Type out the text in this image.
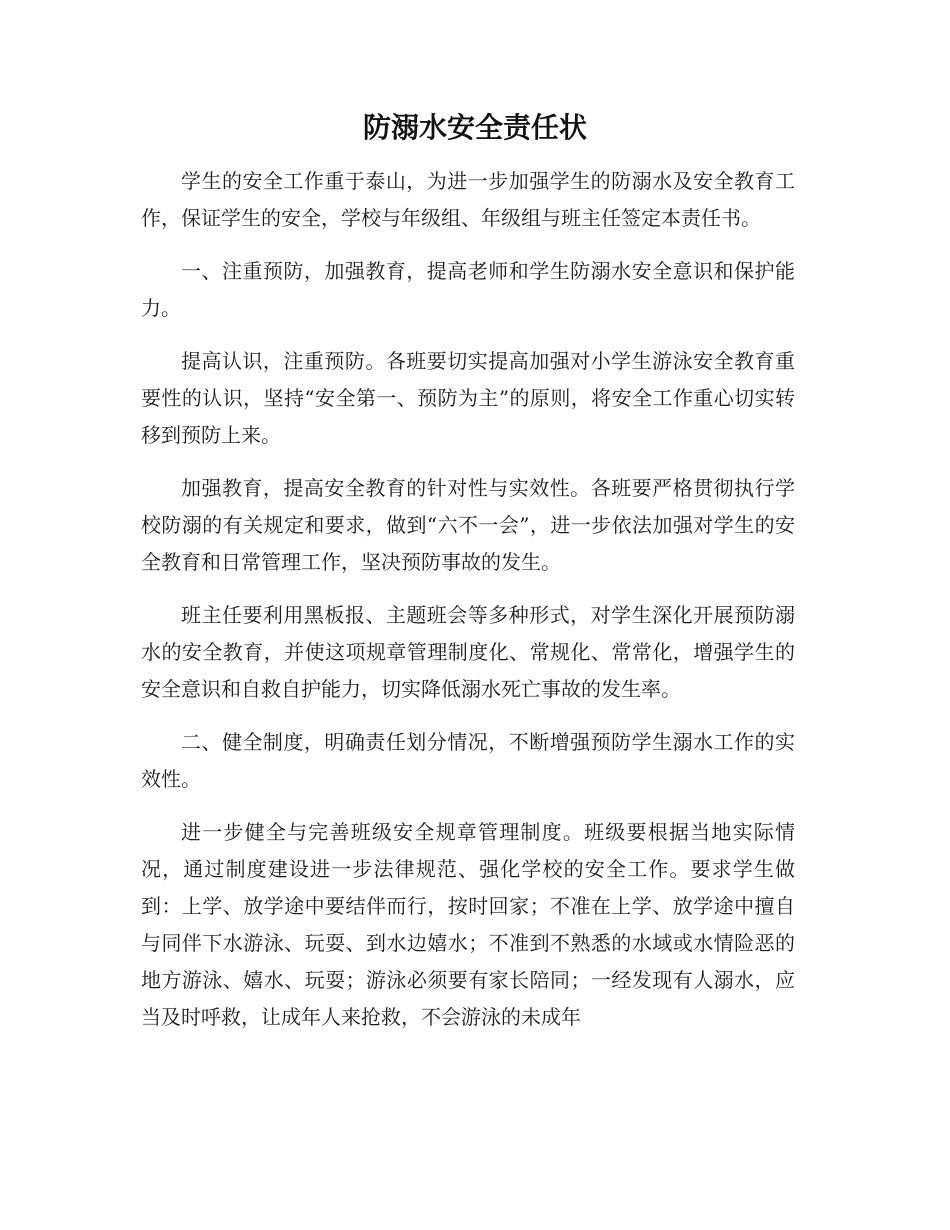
防溺水安全责任状

学生的安全工作重于泰山，为进一步加强学生的防溺水及安全教育工作，保证学生的安全，学校与年级组、年级组与班主任签定本责任书。

一、注重预防，加强教育，提高老师和学生防溺水安全意识和保护能力。

提高认识，注重预防。各班要切实提高加强对小学生游泳安全教育重要性的认识，坚持“安全第一、预防为主”的原则，将安全工作重心切实转移到预防上来。

加强教育，提高安全教育的针对性与实效性。各班要严格贯彻执行学校防溺的有关规定和要求，做到“六不一会”，进一步依法加强对学生的安全教育和日常管理工作，坚决预防事故的发生。

班主任要利用黑板报、主题班会等多种形式，对学生深化开展预防溺水的安全教育，并使这项规章管理制度化、常规化、常常化，增强学生的安全意识和自救自护能力，切实降低溺水死亡事故的发生率。

二、健全制度，明确责任划分情况，不断增强预防学生溺水工作的实效性。

进一步健全与完善班级安全规章管理制度。班级要根据当地实际情况，通过制度建设进一步法律规范、强化学校的安全工作。要求学生做到：上学、放学途中要结伴而行，按时回家；不准在上学、放学途中擅自与同伴下水游泳、玩耍、到水边嬉水；不准到不熟悉的水域或水情险恶的地方游泳、嬉水、玩耍；游泳必须要有家长陪同；一经发现有人溺水，应当及时呼救，让成年人来抢救，不会游泳的未成年
